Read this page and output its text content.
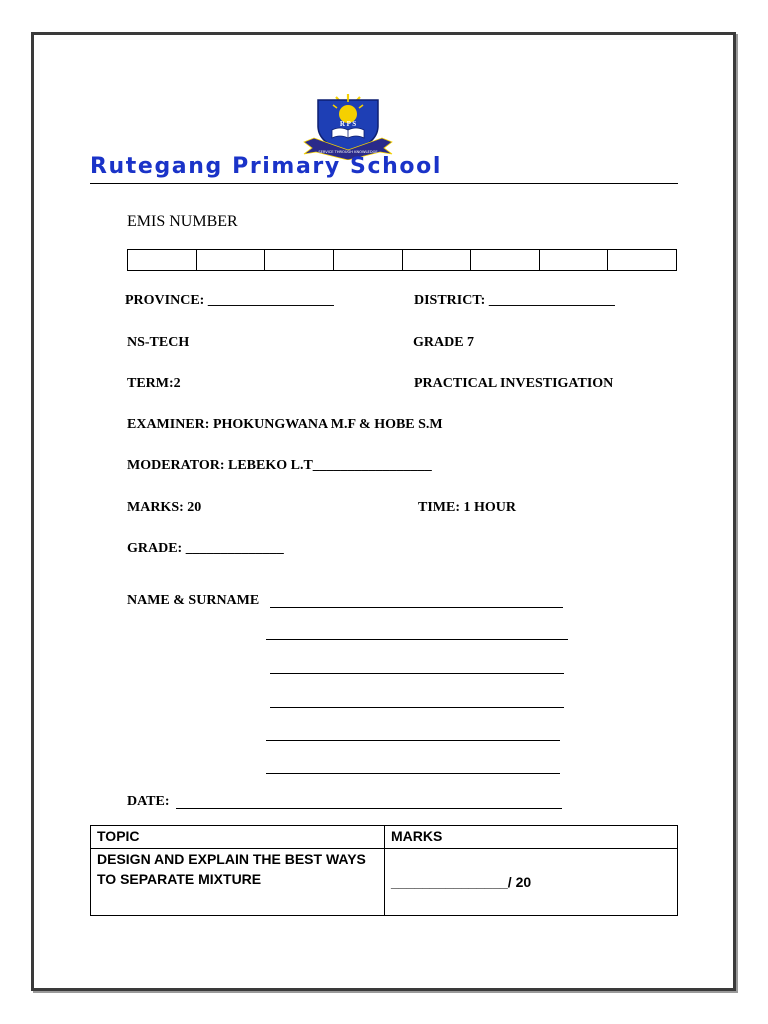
R P S
SERVICE THROUGH KNOWLEDGE
Rutegang Primary School
EMIS NUMBER
PROVINCE: __________________	DISTRICT: __________________
NS-TECH	GRADE 7
TERM:2	PRACTICAL INVESTIGATION
EXAMINER: PHOKUNGWANA M.F & HOBE S.M
MODERATOR: LEBEKO L.T_________________
MARKS: 20	TIME: 1 HOUR
GRADE: ______________
NAME & SURNAME
DATE:
TOPIC	MARKS

DESIGN AND EXPLAIN THE BEST WAYS
TO SEPARATE MIXTURE	_______________/ 20
